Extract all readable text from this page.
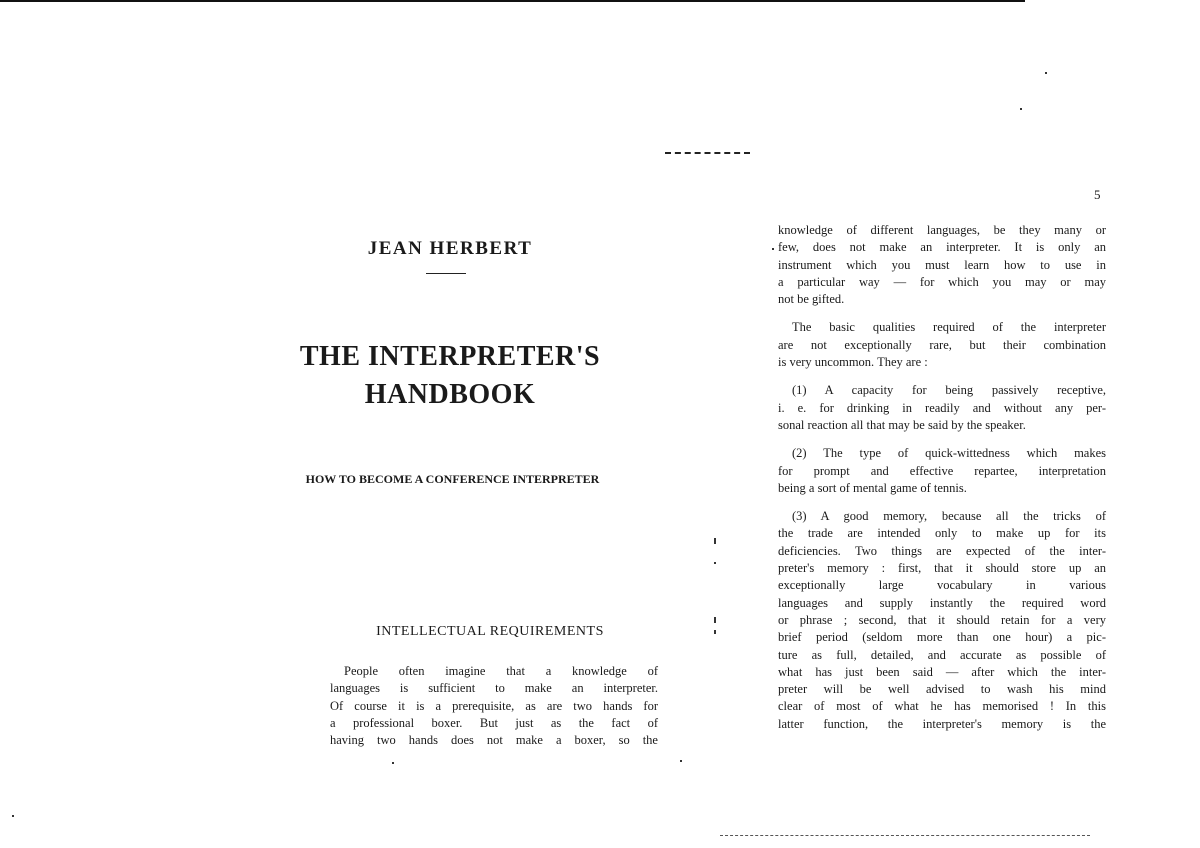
JEAN HERBERT
THE INTERPRETER'S
HANDBOOK
HOW TO BECOME A CONFERENCE INTERPRETER
INTELLECTUAL REQUIREMENTS
People often imagine that a knowledge of
languages is sufficient to make an interpreter.
Of course it is a prerequisite, as are two hands for
a professional boxer. But just as the fact of
having two hands does not make a boxer, so the
5
knowledge of different languages, be they many or
few, does not make an interpreter. It is only an
instrument which you must learn how to use in
a particular way — for which you may or may
not be gifted.
The basic qualities required of the interpreter
are not exceptionally rare, but their combination
is very uncommon. They are :
(1) A capacity for being passively receptive,
i. e. for drinking in readily and without any per-
sonal reaction all that may be said by the speaker.
(2) The type of quick-wittedness which makes
for prompt and effective repartee, interpretation
being a sort of mental game of tennis.
(3) A good memory, because all the tricks of
the trade are intended only to make up for its
deficiencies. Two things are expected of the inter-
preter's memory : first, that it should store up an
exceptionally large vocabulary in various
languages and supply instantly the required word
or phrase ; second, that it should retain for a very
brief period (seldom more than one hour) a pic-
ture as full, detailed, and accurate as possible of
what has just been said — after which the inter-
preter will be well advised to wash his mind
clear of most of what he has memorised ! In this
latter function, the interpreter's memory is the
